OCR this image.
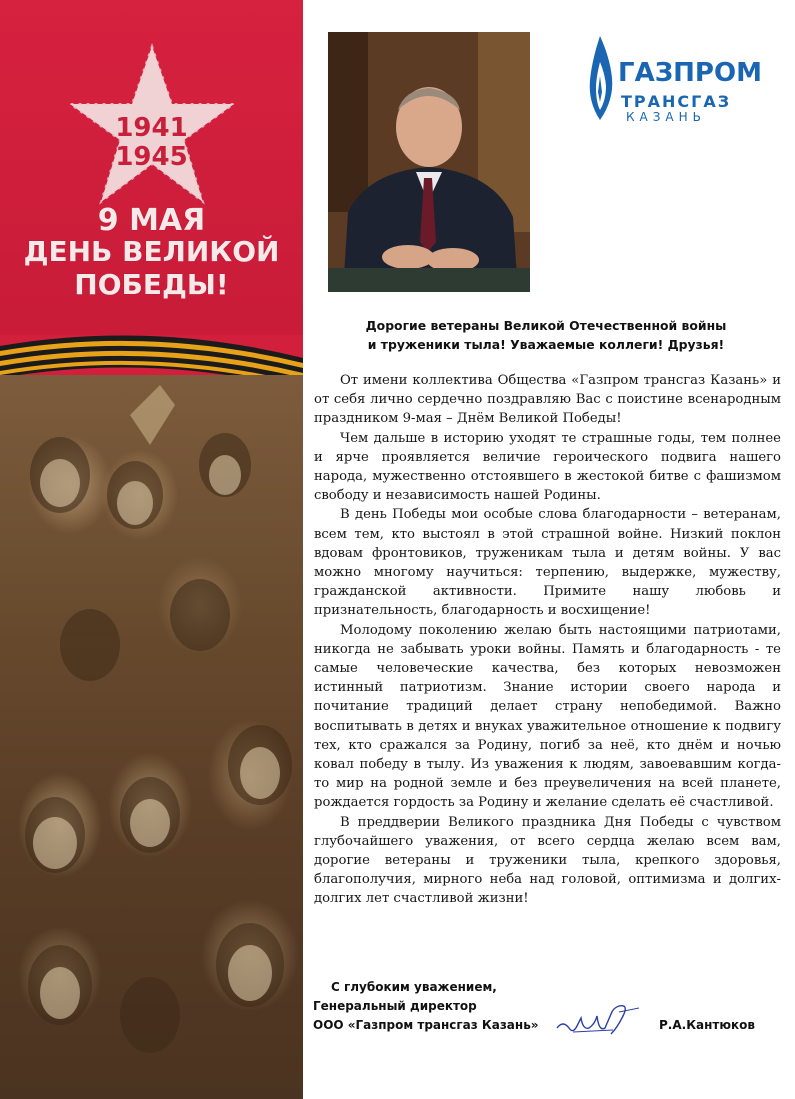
1941
1945
9 МАЯ
ДЕНЬ ВЕЛИКОЙ
ПОБЕДЫ!
ГАЗПРОМ
ТРАНСГАЗ
КАЗАНЬ
Дорогие ветераны Великой Отечественной войны
и труженики тыла! Уважаемые коллеги! Друзья!

От имени коллектива Общества «Газпром трансгаз Казань» и от себя лично сердечно поздравляю Вас с поистине всенародным праздником 9-мая – Днём Великой Победы!

Чем дальше в историю уходят те страшные годы, тем полнее и ярче проявляется величие героического подвига нашего народа, мужественно отстоявшего в жестокой битве с фашизмом свободу и независимость нашей Родины.

В день Победы мои особые слова благодарности – ветеранам, всем тем, кто выстоял в этой страшной войне. Низкий поклон вдовам фронтовиков, труженикам тыла и детям войны. У вас можно многому научиться: терпению, выдержке, мужеству, гражданской активности. Примите нашу любовь и признательность, благодарность и восхищение!

Молодому поколению желаю быть настоящими патриотами, никогда не забывать уроки войны. Память и благодарность - те самые человеческие качества, без которых невозможен истинный патриотизм. Знание истории своего народа и почитание традиций делает страну непобедимой. Важно воспитывать в детях и внуках уважительное отношение к подвигу тех, кто сражался за Родину, погиб за неё, кто днём и ночью ковал победу в тылу. Из уважения к людям, завоевавшим когда-то мир на родной земле и без преувеличения на всей планете, рождается гордость за Родину и желание сделать её счастливой.

В преддверии Великого праздника Дня Победы с чувством глубочайшего уважения, от всего сердца желаю всем вам, дорогие ветераны и труженики тыла, крепкого здоровья, благополучия, мирного неба над головой, оптимизма и долгих-долгих лет счастливой жизни!

С глубоким уважением,
Генеральный директор
ООО «Газпром трансгаз Казань»	Р.А.Кантюков
